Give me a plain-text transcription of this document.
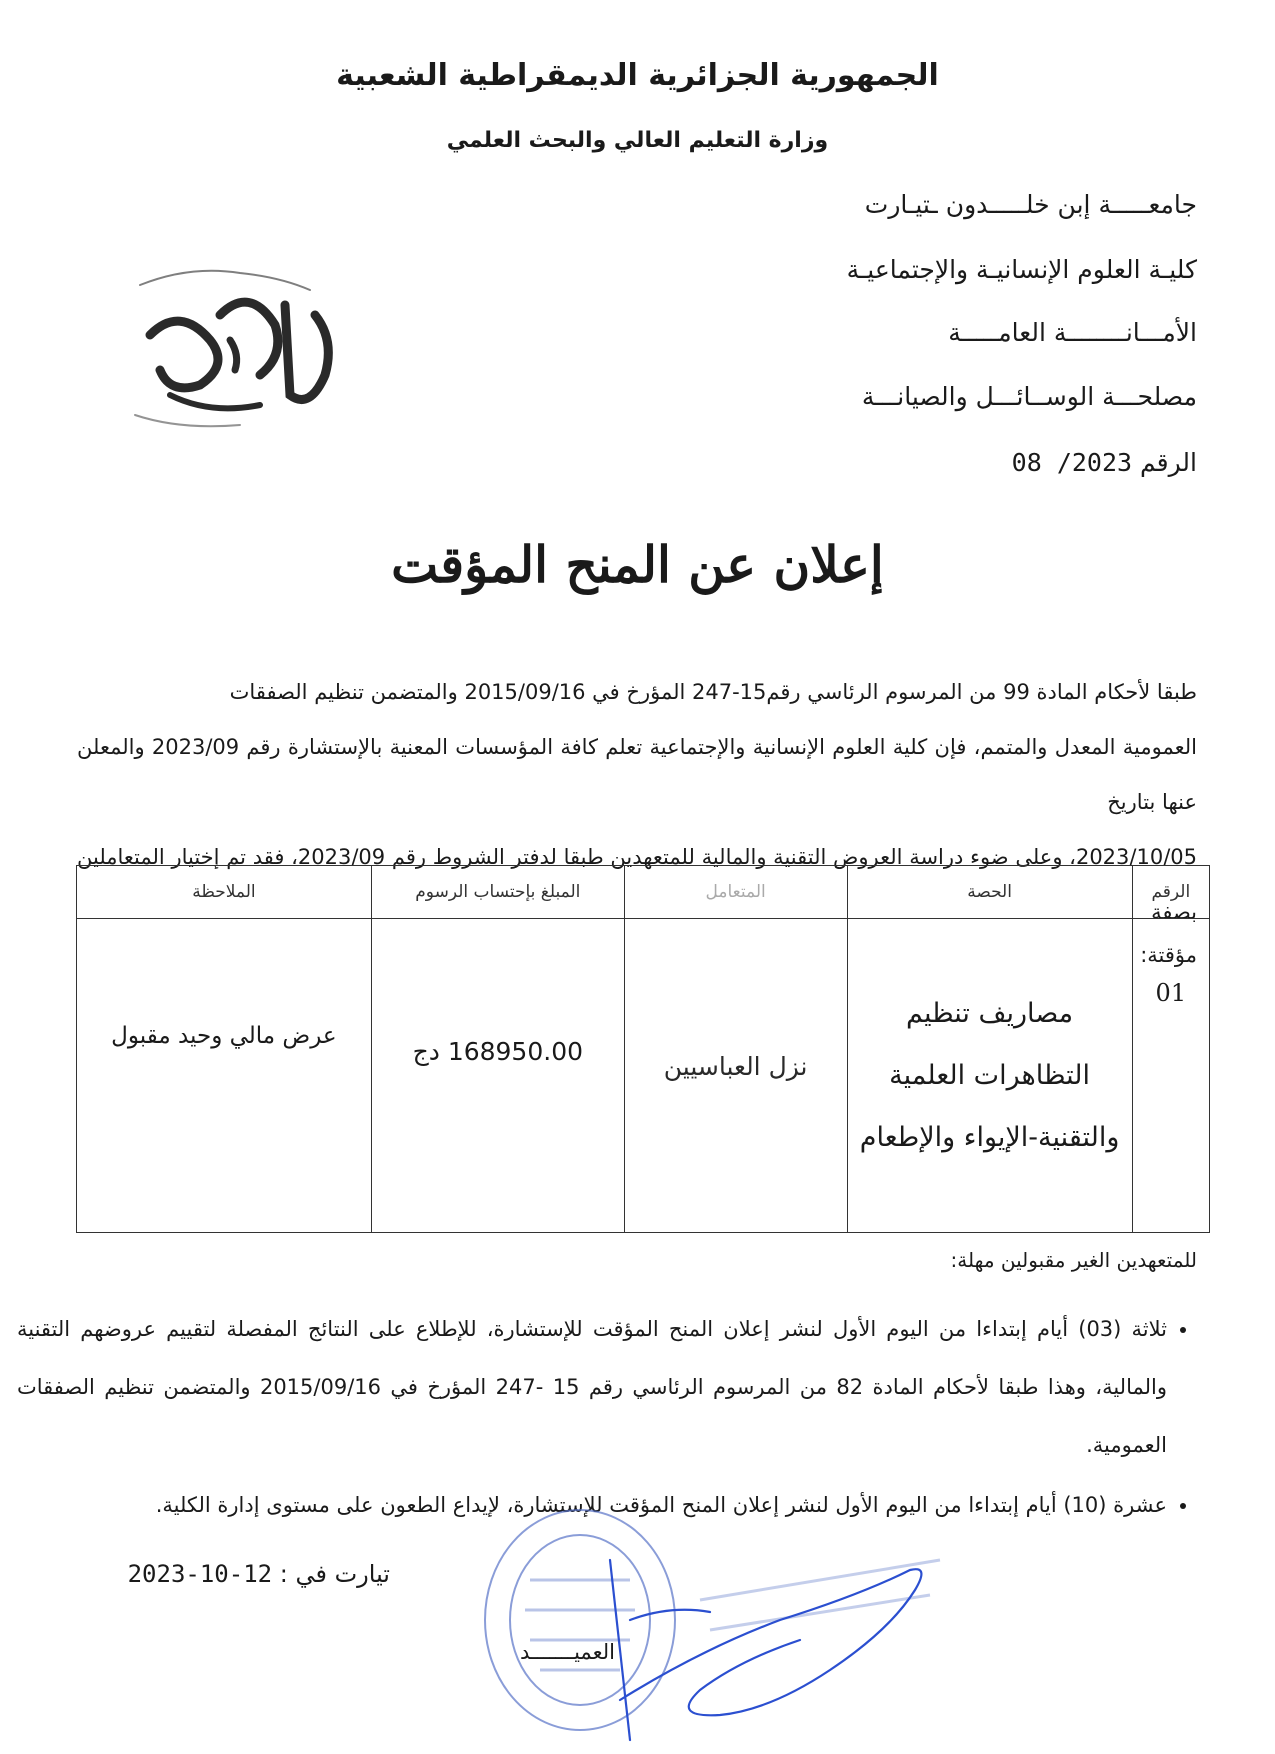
الجمهورية الجزائرية الديمقراطية الشعبية
وزارة التعليم العالي والبحث العلمي
جامعـــــة إبن خلـــــدون ـتيـارت
كليـة العلوم الإنسانيـة والإجتماعيـة
الأمـــانــــــــة العامـــــة
مصلحـــة الوســائـــل والصيانـــة
الرقم 08 /2023
إعلان عن المنح المؤقت

طبقا لأحكام المادة 99 من المرسوم الرئاسي رقم15-247 المؤرخ في 2015/09/16 والمتضمن تنظيم الصفقات

العمومية المعدل والمتمم، فإن كلية العلوم الإنسانية والإجتماعية تعلم كافة المؤسسات المعنية بالإستشارة رقم 2023/09 والمعلن عنها بتاريخ

2023/10/05، وعلى ضوء دراسة العروض التقنية والمالية للمتعهدين طبقا لدفتر الشروط رقم 2023/09، فقد تم إختيار المتعاملين بصفة

مؤقتة:

الرقم	الحصة	المتعامل	المبلغ بإحتساب الرسوم	الملاحظة
01	مصاريف تنظيم
التظاهرات العلمية
والتقنية-الإيواء والإطعام	نزل العباسيين	168950.00 دج	عرض مالي وحيد مقبول
للمتعهدين الغير مقبولين مهلة:
• ثلاثة (03) أيام إبتداءا من اليوم الأول لنشر إعلان المنح المؤقت للإستشارة، للإطلاع على النتائج المفصلة لتقييم عروضهم التقنية والمالية، وهذا طبقا لأحكام المادة 82 من المرسوم الرئاسي رقم 15 -247 المؤرخ في 2015/09/16 والمتضمن تنظيم الصفقات العمومية.
• عشرة (10) أيام إبتداءا من اليوم الأول لنشر إعلان المنح المؤقت للإستشارة، لإيداع الطعون على مستوى إدارة الكلية.
تيارت في : 2023-10-12
العميـــــــد
